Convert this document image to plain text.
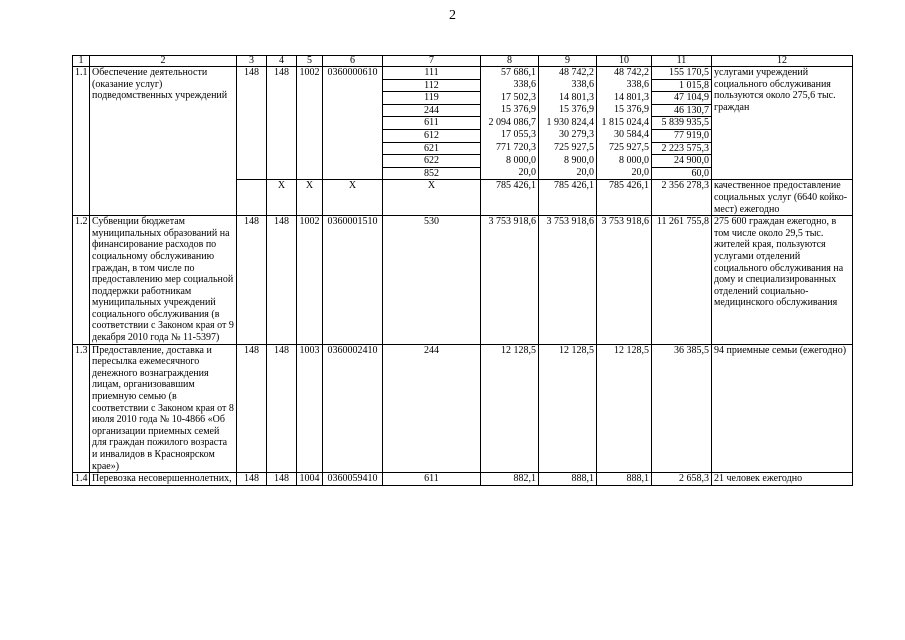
2
1	2	3	4	5	6	7	8	9	10	11	12
1.1	Обеспечение деятельности (оказание услуг) подведомственных учреждений	148	148	1002	0360000610	111	57 686,1	48 742,2	48 742,2	155 170,5	услугами учреждений социального обслуживания пользуются около 275,6 тыс. граждан
						112	338,6	338,6	338,6	1 015,8	
						119	17 502,3	14 801,3	14 801,3	47 104,9	
						244	15 376,9	15 376,9	15 376,9	46 130,7	
						611	2 094 086,7	1 930 824,4	1 815 024,4	5 839 935,5	
						612	17 055,3	30 279,3	30 584,4	77 919,0	
						621	771 720,3	725 927,5	725 927,5	2 223 575,3	
						622	8 000,0	8 900,0	8 000,0	24 900,0	
						852	20,0	20,0	20,0	60,0	
			X	X	X	X	785 426,1	785 426,1	785 426,1	2 356 278,3	качественное предоставление социальных услуг (6640 койко-мест) ежегодно
1.2	Субвенции бюджетам муниципальных образований на финансирование расходов по социальному обслуживанию граждан, в том числе по предоставлению мер социальной поддержки работникам муниципальных учреждений социального обслуживания (в соответствии с Законом края от 9 декабря 2010 года № 11-5397)	148	148	1002	0360001510	530	3 753 918,6	3 753 918,6	3 753 918,6	11 261 755,8	275 600 граждан ежегодно, в том числе около 29,5 тыс. жителей края, пользуются услугами отделений социального обслуживания на дому и специализированных отделений социально-медицинского обслуживания
1.3	Предоставление, доставка и пересылка ежемесячного денежного вознаграждения лицам, организовавшим приемную семью (в соответствии с Законом края от 8 июля 2010 года № 10-4866 «Об организации приемных семей для граждан пожилого возраста и инвалидов в Красноярском крае»)	148	148	1003	0360002410	244	12 128,5	12 128,5	12 128,5	36 385,5	94 приемные семьи (ежегодно)
1.4	Перевозка несовершеннолетних,	148	148	1004	0360059410	611	882,1	888,1	888,1	2 658,3	21 человек ежегодно
